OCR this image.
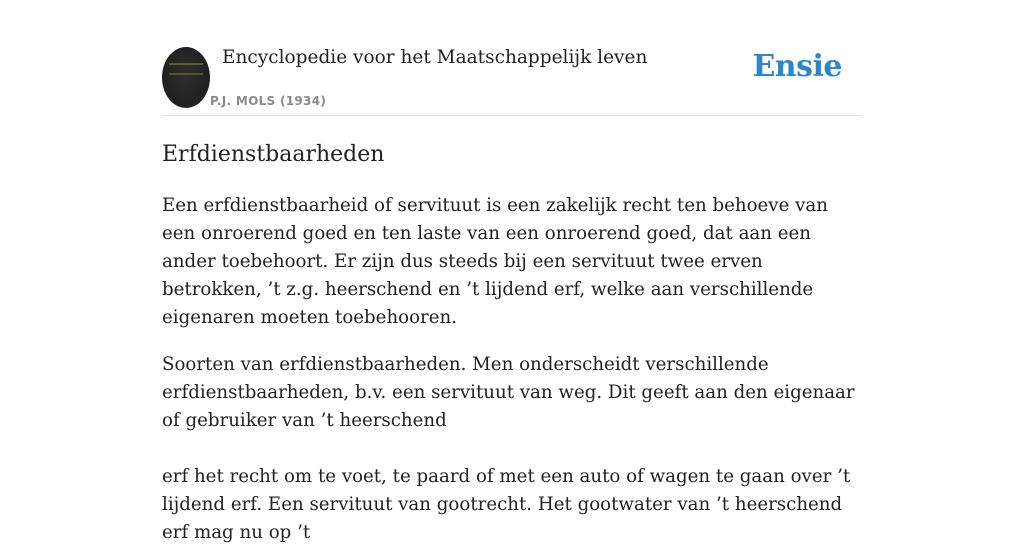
Encyclopedie voor het Maatschappelijk leven
P.J. MOLS (1934)
Ensie
Erfdienstbaarheden

Een erfdienstbaarheid of servituut is een zakelijk recht ten behoeve van een onroerend goed en ten laste van een onroerend goed, dat aan een ander toebehoort. Er zijn dus steeds bij een servituut twee erven betrokken, ’t z.g. heerschend en ’t lijdend erf, welke aan verschillende eigenaren moeten toebehooren.

Soorten van erfdienstbaarheden. Men onderscheidt verschillende erfdienstbaarheden, b.v. een servituut van weg. Dit geeft aan den eigenaar of gebruiker van ’t heerschend

erf het recht om te voet, te paard of met een auto of wagen te gaan over ’t lijdend erf. Een servituut van gootrecht. Het gootwater van ’t heerschend erf mag nu op ’t
